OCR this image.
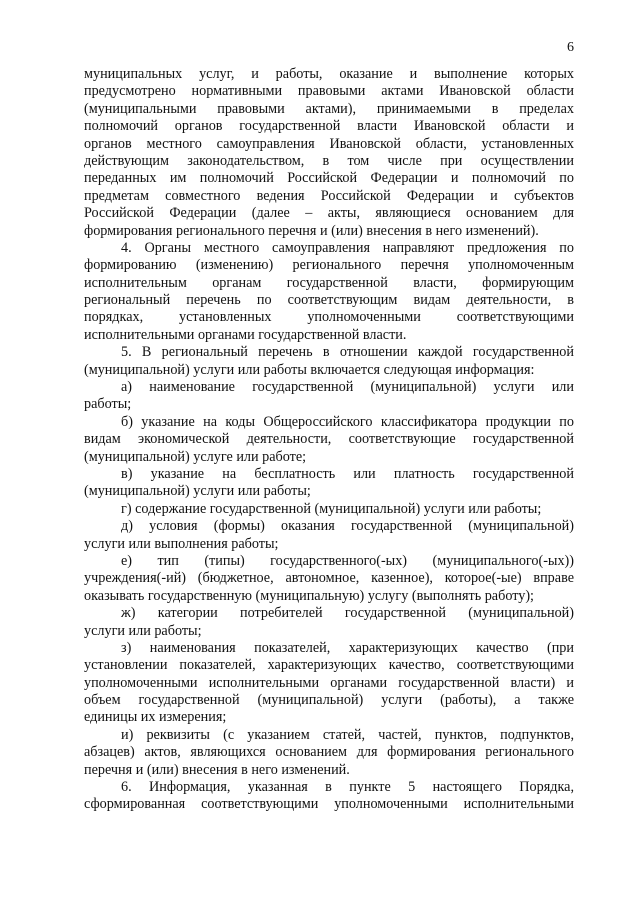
6
муниципальных услуг, и работы, оказание и выполнение которых
предусмотрено нормативными правовыми актами Ивановской области
(муниципальными правовыми актами), принимаемыми в пределах
полномочий органов государственной власти Ивановской области и
органов местного самоуправления Ивановской области, установленных
действующим законодательством, в том числе при осуществлении
переданных им полномочий Российской Федерации и полномочий по
предметам совместного ведения Российской Федерации и субъектов
Российской Федерации (далее – акты, являющиеся основанием для
формирования регионального перечня и (или) внесения в него изменений).
4. Органы местного самоуправления направляют предложения по
формированию (изменению) регионального перечня уполномоченным
исполнительным органам государственной власти, формирующим
региональный перечень по соответствующим видам деятельности, в
порядках, установленных уполномоченными соответствующими
исполнительными органами государственной власти.
5. В региональный перечень в отношении каждой государственной
(муниципальной) услуги или работы включается следующая информация:
а) наименование государственной (муниципальной) услуги или
работы;
б) указание на коды Общероссийского классификатора продукции по
видам экономической деятельности, соответствующие государственной
(муниципальной) услуге или работе;
в) указание на бесплатность или платность государственной
(муниципальной) услуги или работы;
г) содержание государственной (муниципальной) услуги или работы;
д) условия (формы) оказания государственной (муниципальной)
услуги или выполнения работы;
е) тип (типы) государственного(-ых) (муниципального(-ых))
учреждения(-ий) (бюджетное, автономное, казенное), которое(-ые) вправе
оказывать государственную (муниципальную) услугу (выполнять работу);
ж) категории потребителей государственной (муниципальной)
услуги или работы;
з) наименования показателей, характеризующих качество (при
установлении показателей, характеризующих качество, соответствующими
уполномоченными исполнительными органами государственной власти) и
объем государственной (муниципальной) услуги (работы), а также
единицы их измерения;
и) реквизиты (с указанием статей, частей, пунктов, подпунктов,
абзацев) актов, являющихся основанием для формирования регионального
перечня и (или) внесения в него изменений.
6. Информация, указанная в пункте 5 настоящего Порядка,
сформированная соответствующими уполномоченными исполнительными
